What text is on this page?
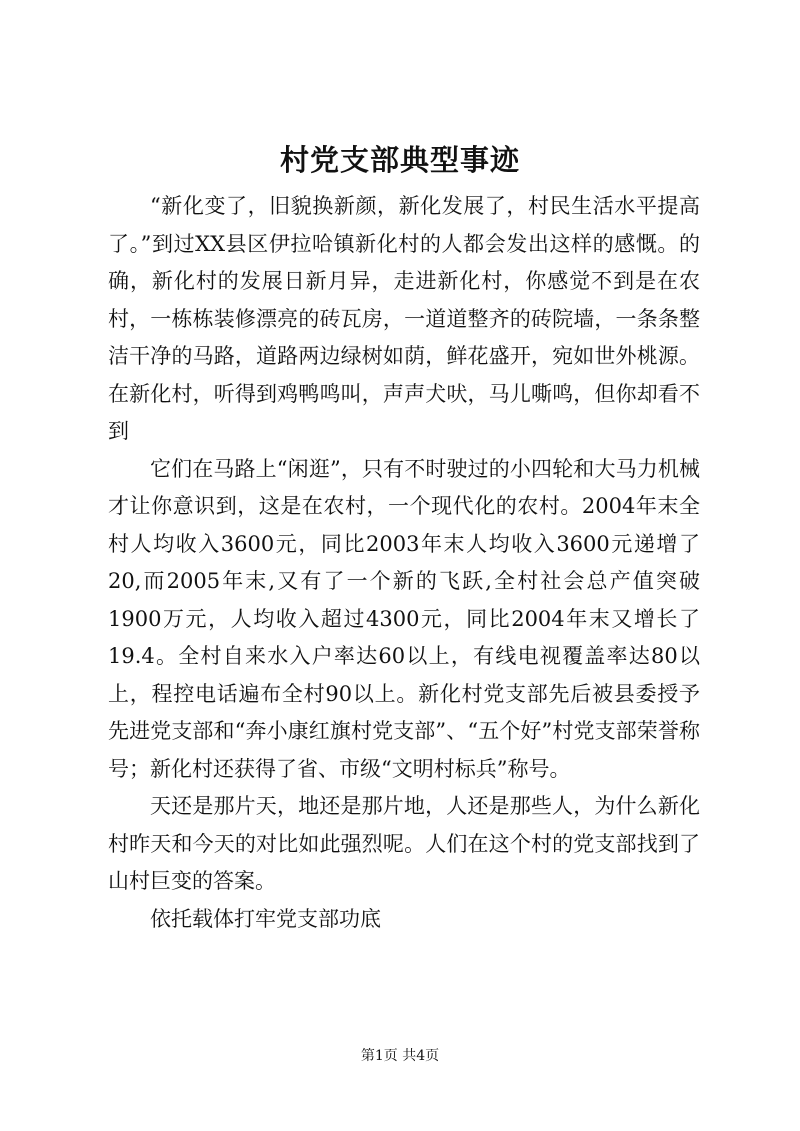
村党支部典型事迹

“新化变了，旧貌换新颜，新化发展了，村民生活水平提高了。”到过XX县区伊拉哈镇新化村的人都会发出这样的感慨。的确，新化村的发展日新月异，走进新化村，你感觉不到是在农村，一栋栋装修漂亮的砖瓦房，一道道整齐的砖院墙，一条条整洁干净的马路，道路两边绿树如荫，鲜花盛开，宛如世外桃源。在新化村，听得到鸡鸭鸣叫，声声犬吠，马儿嘶鸣，但你却看不到

它们在马路上“闲逛”，只有不时驶过的小四轮和大马力机械才让你意识到，这是在农村，一个现代化的农村。2004年末全村人均收入3600元，同比2003年末人均收入3600元递增了20,而2005年末,又有了一个新的飞跃,全村社会总产值突破1900万元，人均收入超过4300元，同比2004年末又增长了19.4。全村自来水入户率达60以上，有线电视覆盖率达80以上，程控电话遍布全村90以上。新化村党支部先后被县委授予先进党支部和“奔小康红旗村党支部”、“五个好”村党支部荣誉称号；新化村还获得了省、市级“文明村标兵”称号。

天还是那片天，地还是那片地，人还是那些人，为什么新化村昨天和今天的对比如此强烈呢。人们在这个村的党支部找到了山村巨变的答案。

依托载体打牢党支部功底

第1页 共4页
